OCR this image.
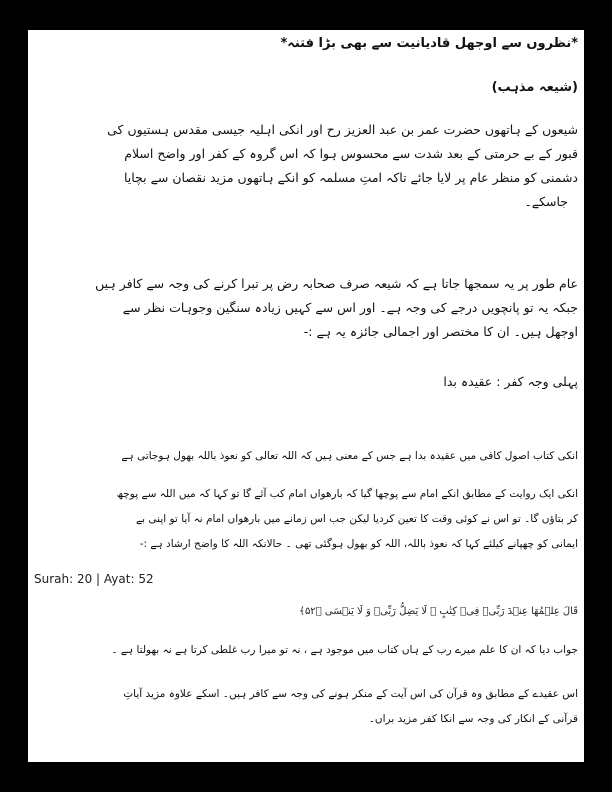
*نظروں سے اوجھل قادیانیت سے بھی بڑا فتنہ*
(شیعہ مذہب)
شیعوں کے ہاتھوں حضرت عمر بن عبد العزیز رح اور انکی اہلیہ جیسی مقدس ہستیوں کی
قبور کے بے حرمتی کے بعد شدت سے محسوس ہوا کہ اس گروہ کے کفر اور واضح اسلام
دشمنی کو منظر عام پر لایا جائے تاکہ امتِ مسلمہ کو انکے ہاتھوں مزید نقصان سے بچایا
جاسکے۔
عام طور پر یہ سمجھا جاتا ہے کہ شیعہ صرف صحابہ رض پر تبرا کرنے کی وجہ سے کافر ہیں
جبکہ یہ تو پانچویں درجے کی وجہ ہے۔ اور اس سے کہیں زیادہ سنگین وجوہات نظر سے
اوجھل ہیں۔ ان کا مختصر اور اجمالی جائزہ یہ ہے :-
پہلی وجہ کفر : عقیدہ بدا
انکی کتاب اصول کافی میں عقیدہ بدا ہے جس کے معنی ہیں کہ اللہ تعالی کو نعوذ باللہ بھول ہوجاتی ہے
انکی ایک روایت کے مطابق انکے امام سے پوچھا گیا کہ بارھواں امام کب آئے گا تو کہا کہ میں اللہ سے پوچھ
کر بتاؤں گا۔ تو اس نے کوئی وقت کا تعین کردیا لیکن جب اس زمانے میں بارھواں امام نہ آیا تو اپنی بے
ایمانی کو چھپانے کیلئے کہا کہ نعوذ باللہ، اللہ کو بھول ہوگئی تھی ۔ حالانکہ اللہ کا واضح ارشاد ہے :-
Surah: 20 | Ayat: 52
قَالَ عِلۡمُهَا عِنۡدَ رَبِّىۡ فِىۡ كِتٰبٍ‌ ۚ لَا يَضِلُّ رَبِّىۡ وَ لَا يَنۡسَى ﴿۵۲﴾
جواب دیا کہ ان کا علم میرے رب کے ہاں کتاب میں موجود ہے ، نہ تو میرا رب غلطی کرتا ہے نہ بھولتا ہے ۔
اس عقیدے کے مطابق وہ قرآن کی اس آیت کے منکر ہونے کی وجہ سے کافر ہیں۔ اسکے علاوہ مزید آیاتِ
قرآنی کے انکار کی وجہ سے انکا کفر مزید براں۔
